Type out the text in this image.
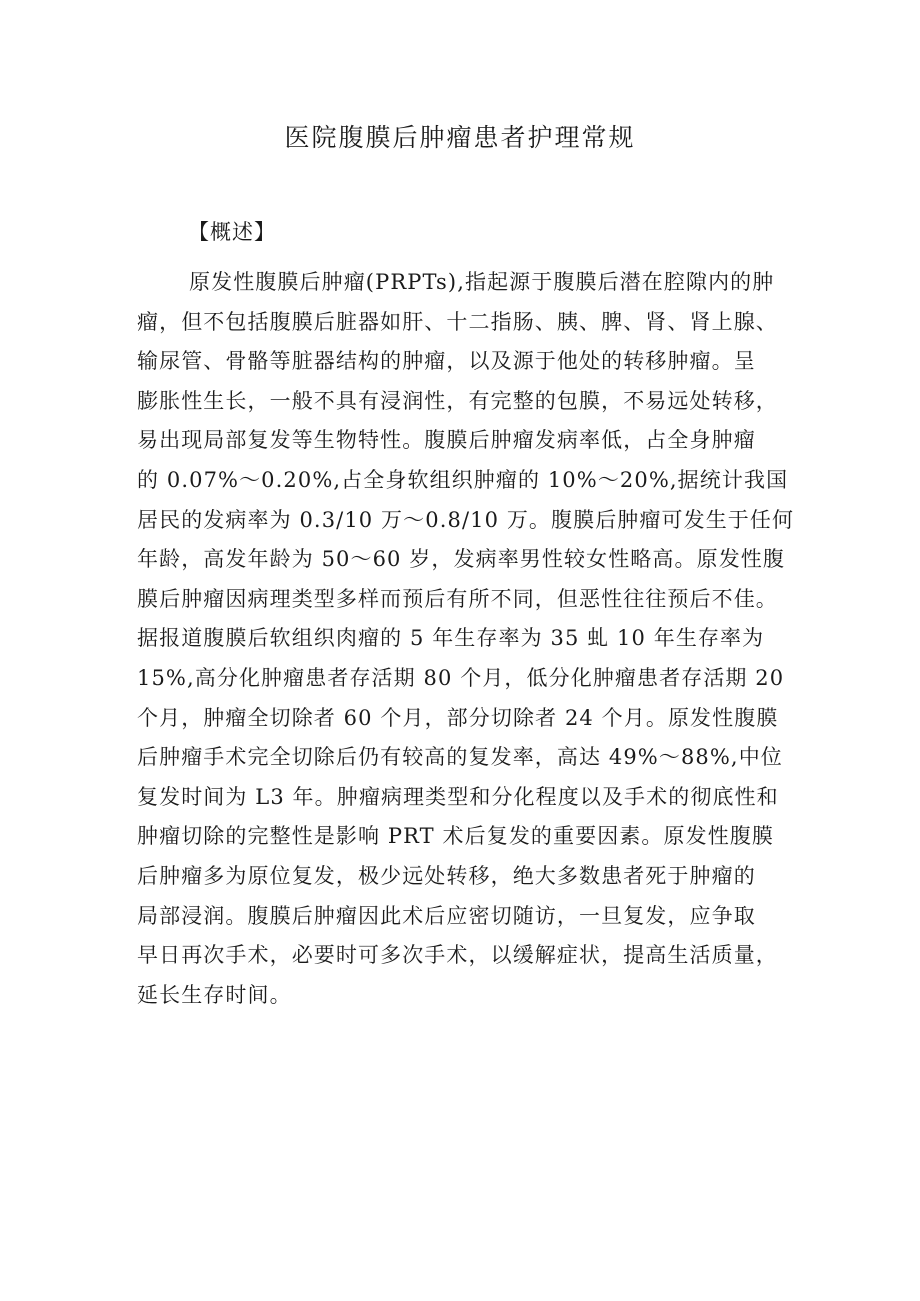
医院腹膜后肿瘤患者护理常规
【概述】
原发性腹膜后肿瘤(PRPTs),指起源于腹膜后潜在腔隙内的肿
瘤，但不包括腹膜后脏器如肝、十二指肠、胰、脾、肾、肾上腺、
输尿管、骨骼等脏器结构的肿瘤，以及源于他处的转移肿瘤。呈
膨胀性生长，一般不具有浸润性，有完整的包膜，不易远处转移，
易出现局部复发等生物特性。腹膜后肿瘤发病率低，占全身肿瘤
的 0.07%～0.20%,占全身软组织肿瘤的 10%～20%,据统计我国
居民的发病率为 0.3/10 万～0.8/10 万。腹膜后肿瘤可发生于任何
年龄，高发年龄为 50～60 岁，发病率男性较女性略高。原发性腹
膜后肿瘤因病理类型多样而预后有所不同，但恶性往往预后不佳。
据报道腹膜后软组织肉瘤的 5 年生存率为 35 虬 10 年生存率为
15%,高分化肿瘤患者存活期 80 个月，低分化肿瘤患者存活期 20
个月，肿瘤全切除者 60 个月，部分切除者 24 个月。原发性腹膜
后肿瘤手术完全切除后仍有较高的复发率，高达 49%～88%,中位
复发时间为 L3 年。肿瘤病理类型和分化程度以及手术的彻底性和
肿瘤切除的完整性是影响 PRT 术后复发的重要因素。原发性腹膜
后肿瘤多为原位复发，极少远处转移，绝大多数患者死于肿瘤的
局部浸润。腹膜后肿瘤因此术后应密切随访，一旦复发，应争取
早日再次手术，必要时可多次手术，以缓解症状，提高生活质量，
延长生存时间。
